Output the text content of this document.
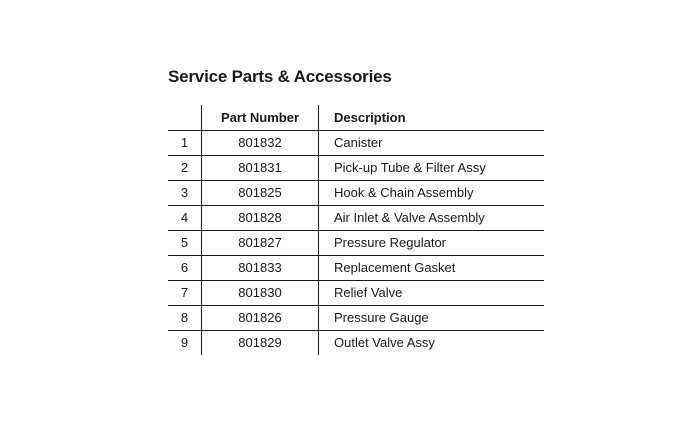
Service Parts & Accessories
	Part Number	Description
1	801832	Canister
2	801831	Pick-up Tube & Filter Assy
3	801825	Hook & Chain Assembly
4	801828	Air Inlet & Valve Assembly
5	801827	Pressure Regulator
6	801833	Replacement Gasket
7	801830	Relief Valve
8	801826	Pressure Gauge
9	801829	Outlet Valve Assy
